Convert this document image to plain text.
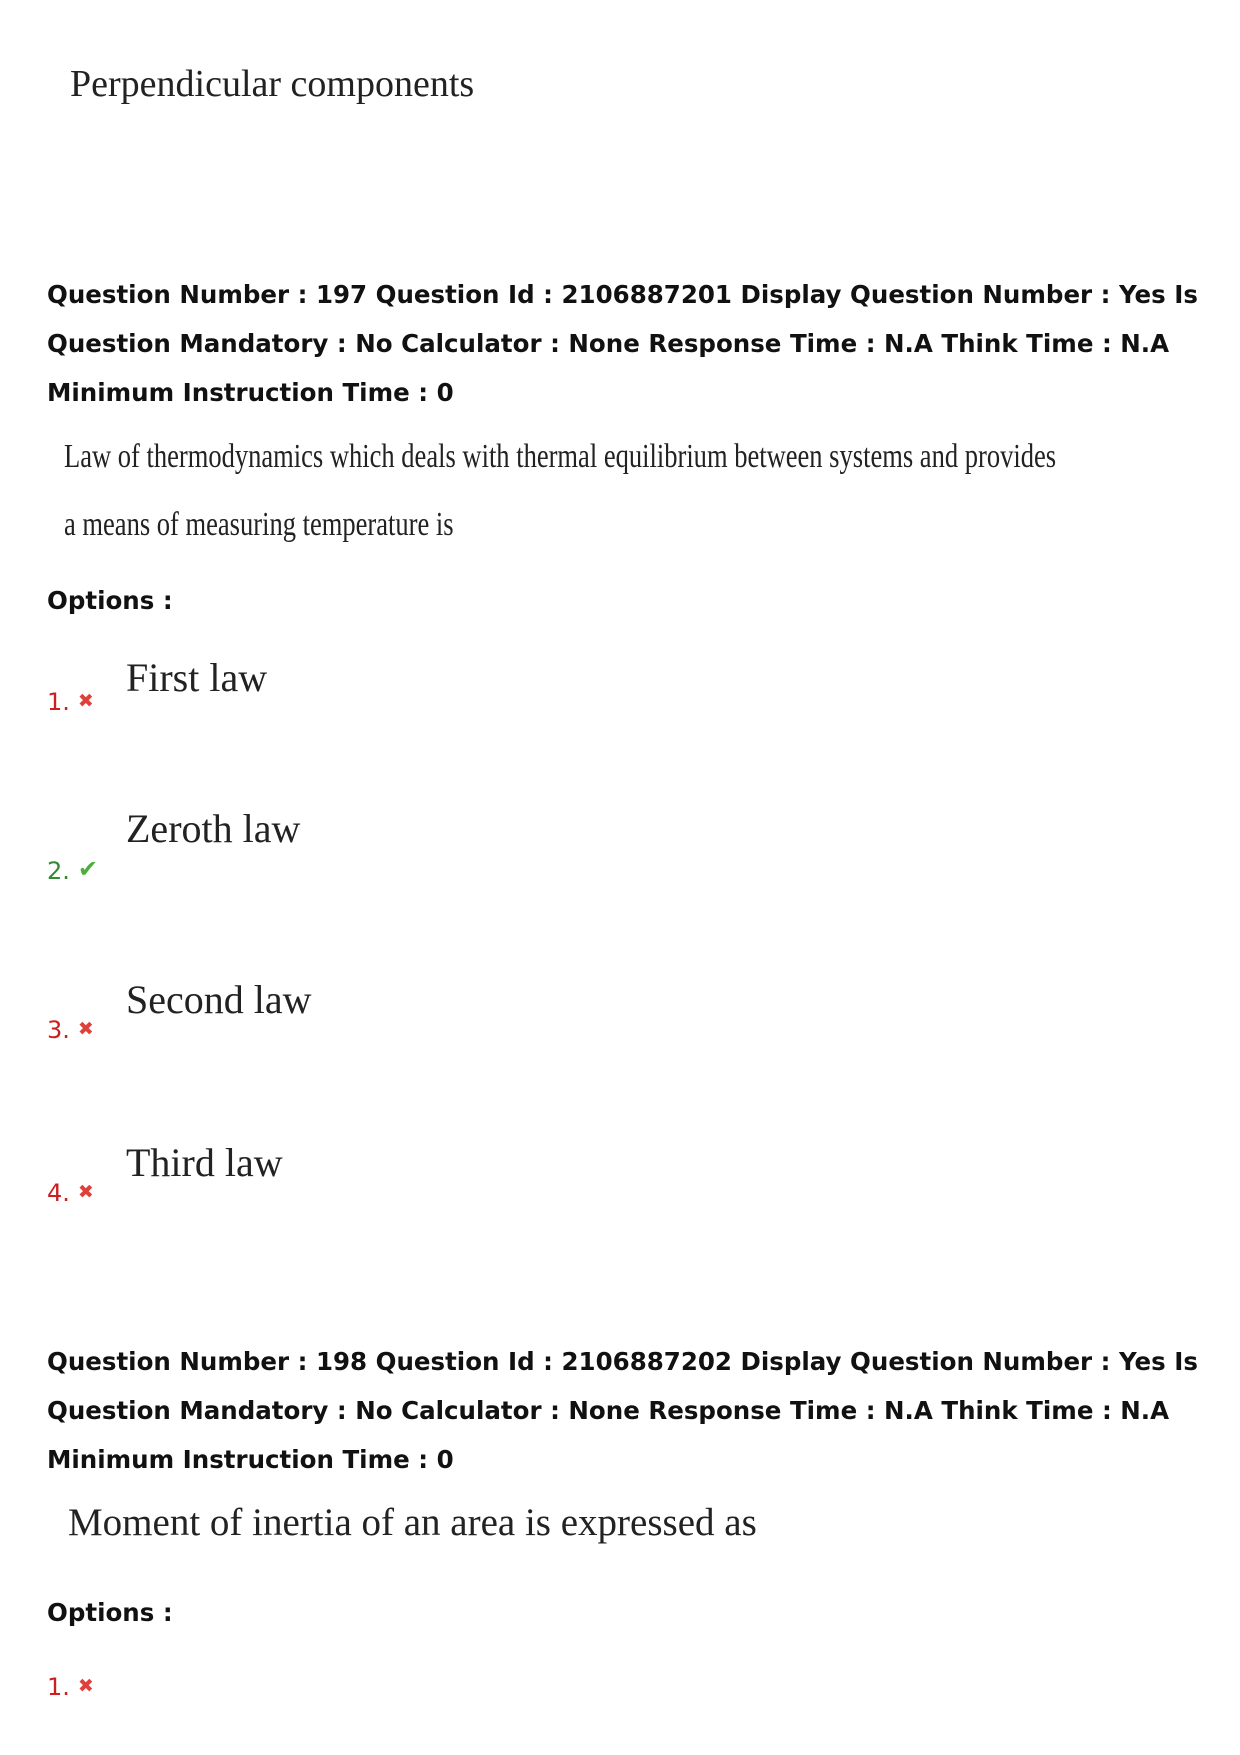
Perpendicular components
Question Number : 197 Question Id : 2106887201 Display Question Number : Yes Is Question Mandatory : No Calculator : None Response Time : N.A Think Time : N.A Minimum Instruction Time : 0
Law of thermodynamics which deals with thermal equilibrium between systems and provides
a means of measuring temperature is
Options :
1. ✖
First law
2. ✔
Zeroth law
3. ✖
Second law
4. ✖
Third law
Question Number : 198 Question Id : 2106887202 Display Question Number : Yes Is Question Mandatory : No Calculator : None Response Time : N.A Think Time : N.A Minimum Instruction Time : 0
Moment of inertia of an area is expressed as
Options :
1. ✖
